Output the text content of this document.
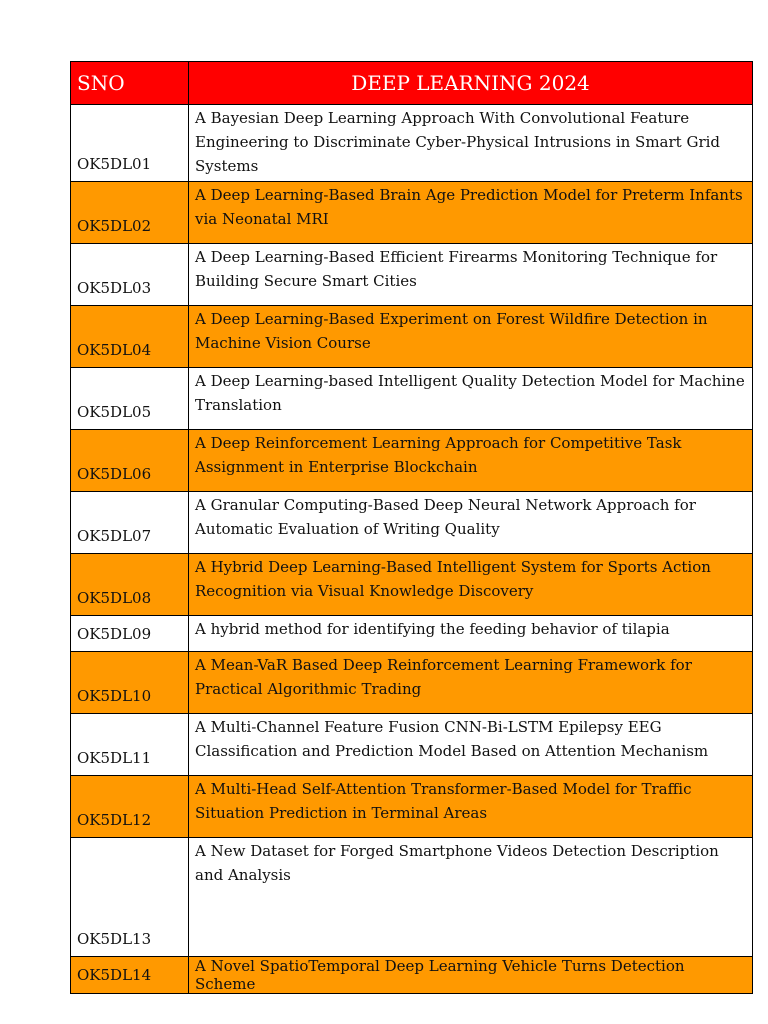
SNO	DEEP LEARNING 2024
OK5DL01	A Bayesian Deep Learning Approach With Convolutional Feature Engineering to Discriminate Cyber-Physical Intrusions in Smart Grid Systems
OK5DL02	A Deep Learning-Based Brain Age Prediction Model for Preterm Infants via Neonatal MRI
OK5DL03	A Deep Learning-Based Efficient Firearms Monitoring Technique for Building Secure Smart Cities
OK5DL04	A Deep Learning-Based Experiment on Forest Wildfire Detection in Machine Vision Course
OK5DL05	A Deep Learning-based Intelligent Quality Detection Model for Machine Translation
OK5DL06	A Deep Reinforcement Learning Approach for Competitive Task Assignment in Enterprise Blockchain
OK5DL07	A Granular Computing-Based Deep Neural Network Approach for Automatic Evaluation of Writing Quality
OK5DL08	A Hybrid Deep Learning-Based Intelligent System for Sports Action Recognition via Visual Knowledge Discovery
OK5DL09	A hybrid method for identifying the feeding behavior of tilapia
OK5DL10	A Mean-VaR Based Deep Reinforcement Learning Framework for Practical Algorithmic Trading
OK5DL11	A Multi-Channel Feature Fusion CNN-Bi-LSTM Epilepsy EEG Classification and Prediction Model Based on Attention Mechanism
OK5DL12	A Multi-Head Self-Attention Transformer-Based Model for Traffic Situation Prediction in Terminal Areas
OK5DL13	A New Dataset for Forged Smartphone Videos Detection Description and Analysis
OK5DL14	A Novel SpatioTemporal Deep Learning Vehicle Turns Detection Scheme
